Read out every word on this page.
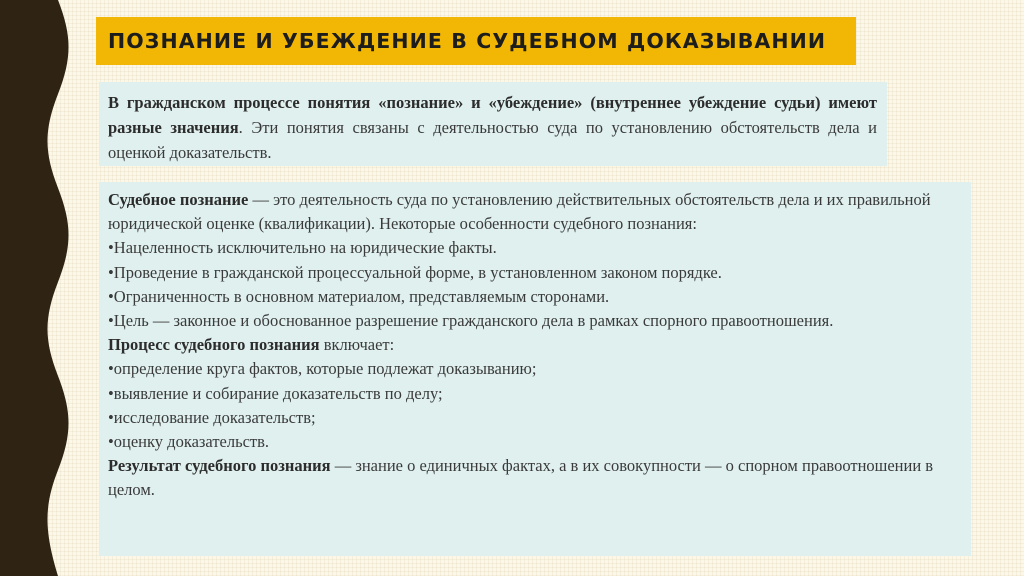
ПОЗНАНИЕ И УБЕЖДЕНИЕ В СУДЕБНОМ ДОКАЗЫВАНИИ
В гражданском процессе понятия «познание» и «убеждение» (внутреннее убеждение судьи) имеют разные значения. Эти понятия связаны с деятельностью суда по установлению обстоятельств дела и оценкой доказательств.
Судебное познание — это деятельность суда по установлению действительных обстоятельств дела и их правильной юридической оценке (квалификации). Некоторые особенности судебного познания:
•Нацеленность исключительно на юридические факты.
•Проведение в гражданской процессуальной форме, в установленном законом порядке.
•Ограниченность в основном материалом, представляемым сторонами.
•Цель — законное и обоснованное разрешение гражданского дела в рамках спорного правоотношения.
Процесс судебного познания включает:
•определение круга фактов, которые подлежат доказыванию;
•выявление и собирание доказательств по делу;
•исследование доказательств;
•оценку доказательств.
Результат судебного познания — знание о единичных фактах, а в их совокупности — о спорном правоотношении в целом.
